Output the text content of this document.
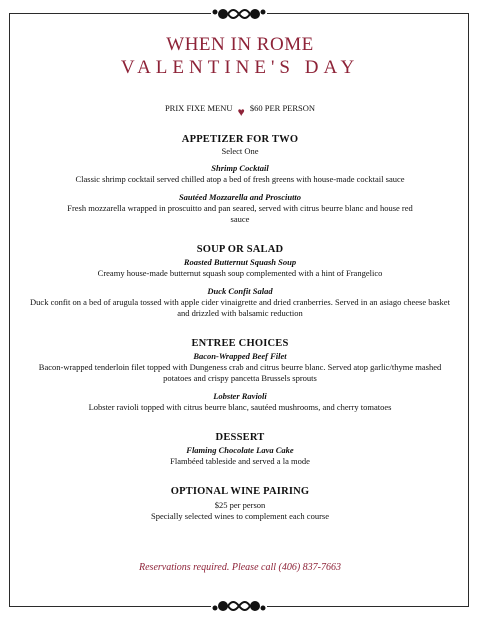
WHEN IN ROME
VALENTINE'S DAY
PRIX FIXE MENU ♥ $60 PER PERSON
APPETIZER FOR TWO
Select One
Shrimp Cocktail
Classic shrimp cocktail served chilled atop a bed of fresh greens with house-made cocktail sauce
Sautéed Mozzarella and Prosciutto
Fresh mozzarella wrapped in proscuitto and pan seared, served with citrus beurre blanc and house red sauce
SOUP OR SALAD
Roasted Butternut Squash Soup
Creamy house-made butternut squash soup complemented with a hint of Frangelico
Duck Confit Salad
Duck confit on a bed of arugula tossed with apple cider vinaigrette and dried cranberries. Served in an asiago cheese basket and drizzled with balsamic reduction
ENTREE CHOICES
Bacon-Wrapped Beef Filet
Bacon-wrapped tenderloin filet topped with Dungeness crab and citrus beurre blanc. Served atop garlic/thyme mashed potatoes and crispy pancetta Brussels sprouts
Lobster Ravioli
Lobster ravioli topped with citrus beurre blanc, sautéed mushrooms, and cherry tomatoes
DESSERT
Flaming Chocolate Lava Cake
Flambéed tableside and served a la mode
OPTIONAL WINE PAIRING
$25 per person
Specially selected wines to complement each course
Reservations required. Please call (406) 837-7663
